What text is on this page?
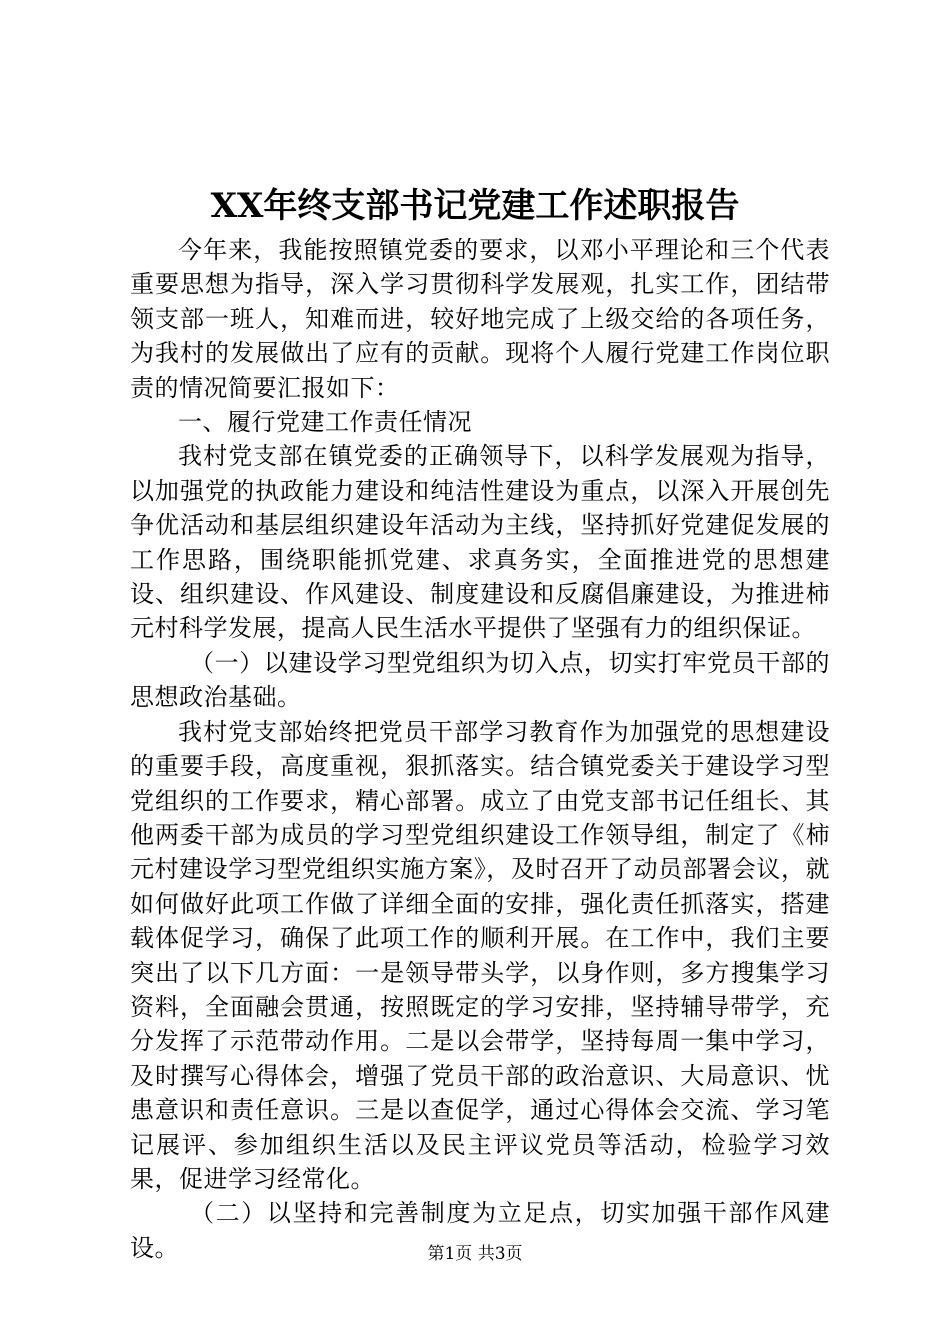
XX年终支部书记党建工作述职报告

今年来，我能按照镇党委的要求，以邓小平理论和三个代表重要思想为指导，深入学习贯彻科学发展观，扎实工作，团结带领支部一班人，知难而进，较好地完成了上级交给的各项任务，为我村的发展做出了应有的贡献。现将个人履行党建工作岗位职责的情况简要汇报如下：

一、履行党建工作责任情况

我村党支部在镇党委的正确领导下，以科学发展观为指导，以加强党的执政能力建设和纯洁性建设为重点，以深入开展创先争优活动和基层组织建设年活动为主线，坚持抓好党建促发展的工作思路，围绕职能抓党建、求真务实，全面推进党的思想建设、组织建设、作风建设、制度建设和反腐倡廉建设，为推进柿元村科学发展，提高人民生活水平提供了坚强有力的组织保证。

（一）以建设学习型党组织为切入点，切实打牢党员干部的思想政治基础。

我村党支部始终把党员干部学习教育作为加强党的思想建设的重要手段，高度重视，狠抓落实。结合镇党委关于建设学习型党组织的工作要求，精心部署。成立了由党支部书记任组长、其他两委干部为成员的学习型党组织建设工作领导组，制定了《柿元村建设学习型党组织实施方案》，及时召开了动员部署会议，就如何做好此项工作做了详细全面的安排，强化责任抓落实，搭建载体促学习，确保了此项工作的顺利开展。在工作中，我们主要突出了以下几方面：一是领导带头学，以身作则，多方搜集学习资料，全面融会贯通，按照既定的学习安排，坚持辅导带学，充分发挥了示范带动作用。二是以会带学，坚持每周一集中学习，及时撰写心得体会，增强了党员干部的政治意识、大局意识、忧患意识和责任意识。三是以查促学，通过心得体会交流、学习笔记展评、参加组织生活以及民主评议党员等活动，检验学习效果，促进学习经常化。

（二）以坚持和完善制度为立足点，切实加强干部作风建设。	第1页 共3页
